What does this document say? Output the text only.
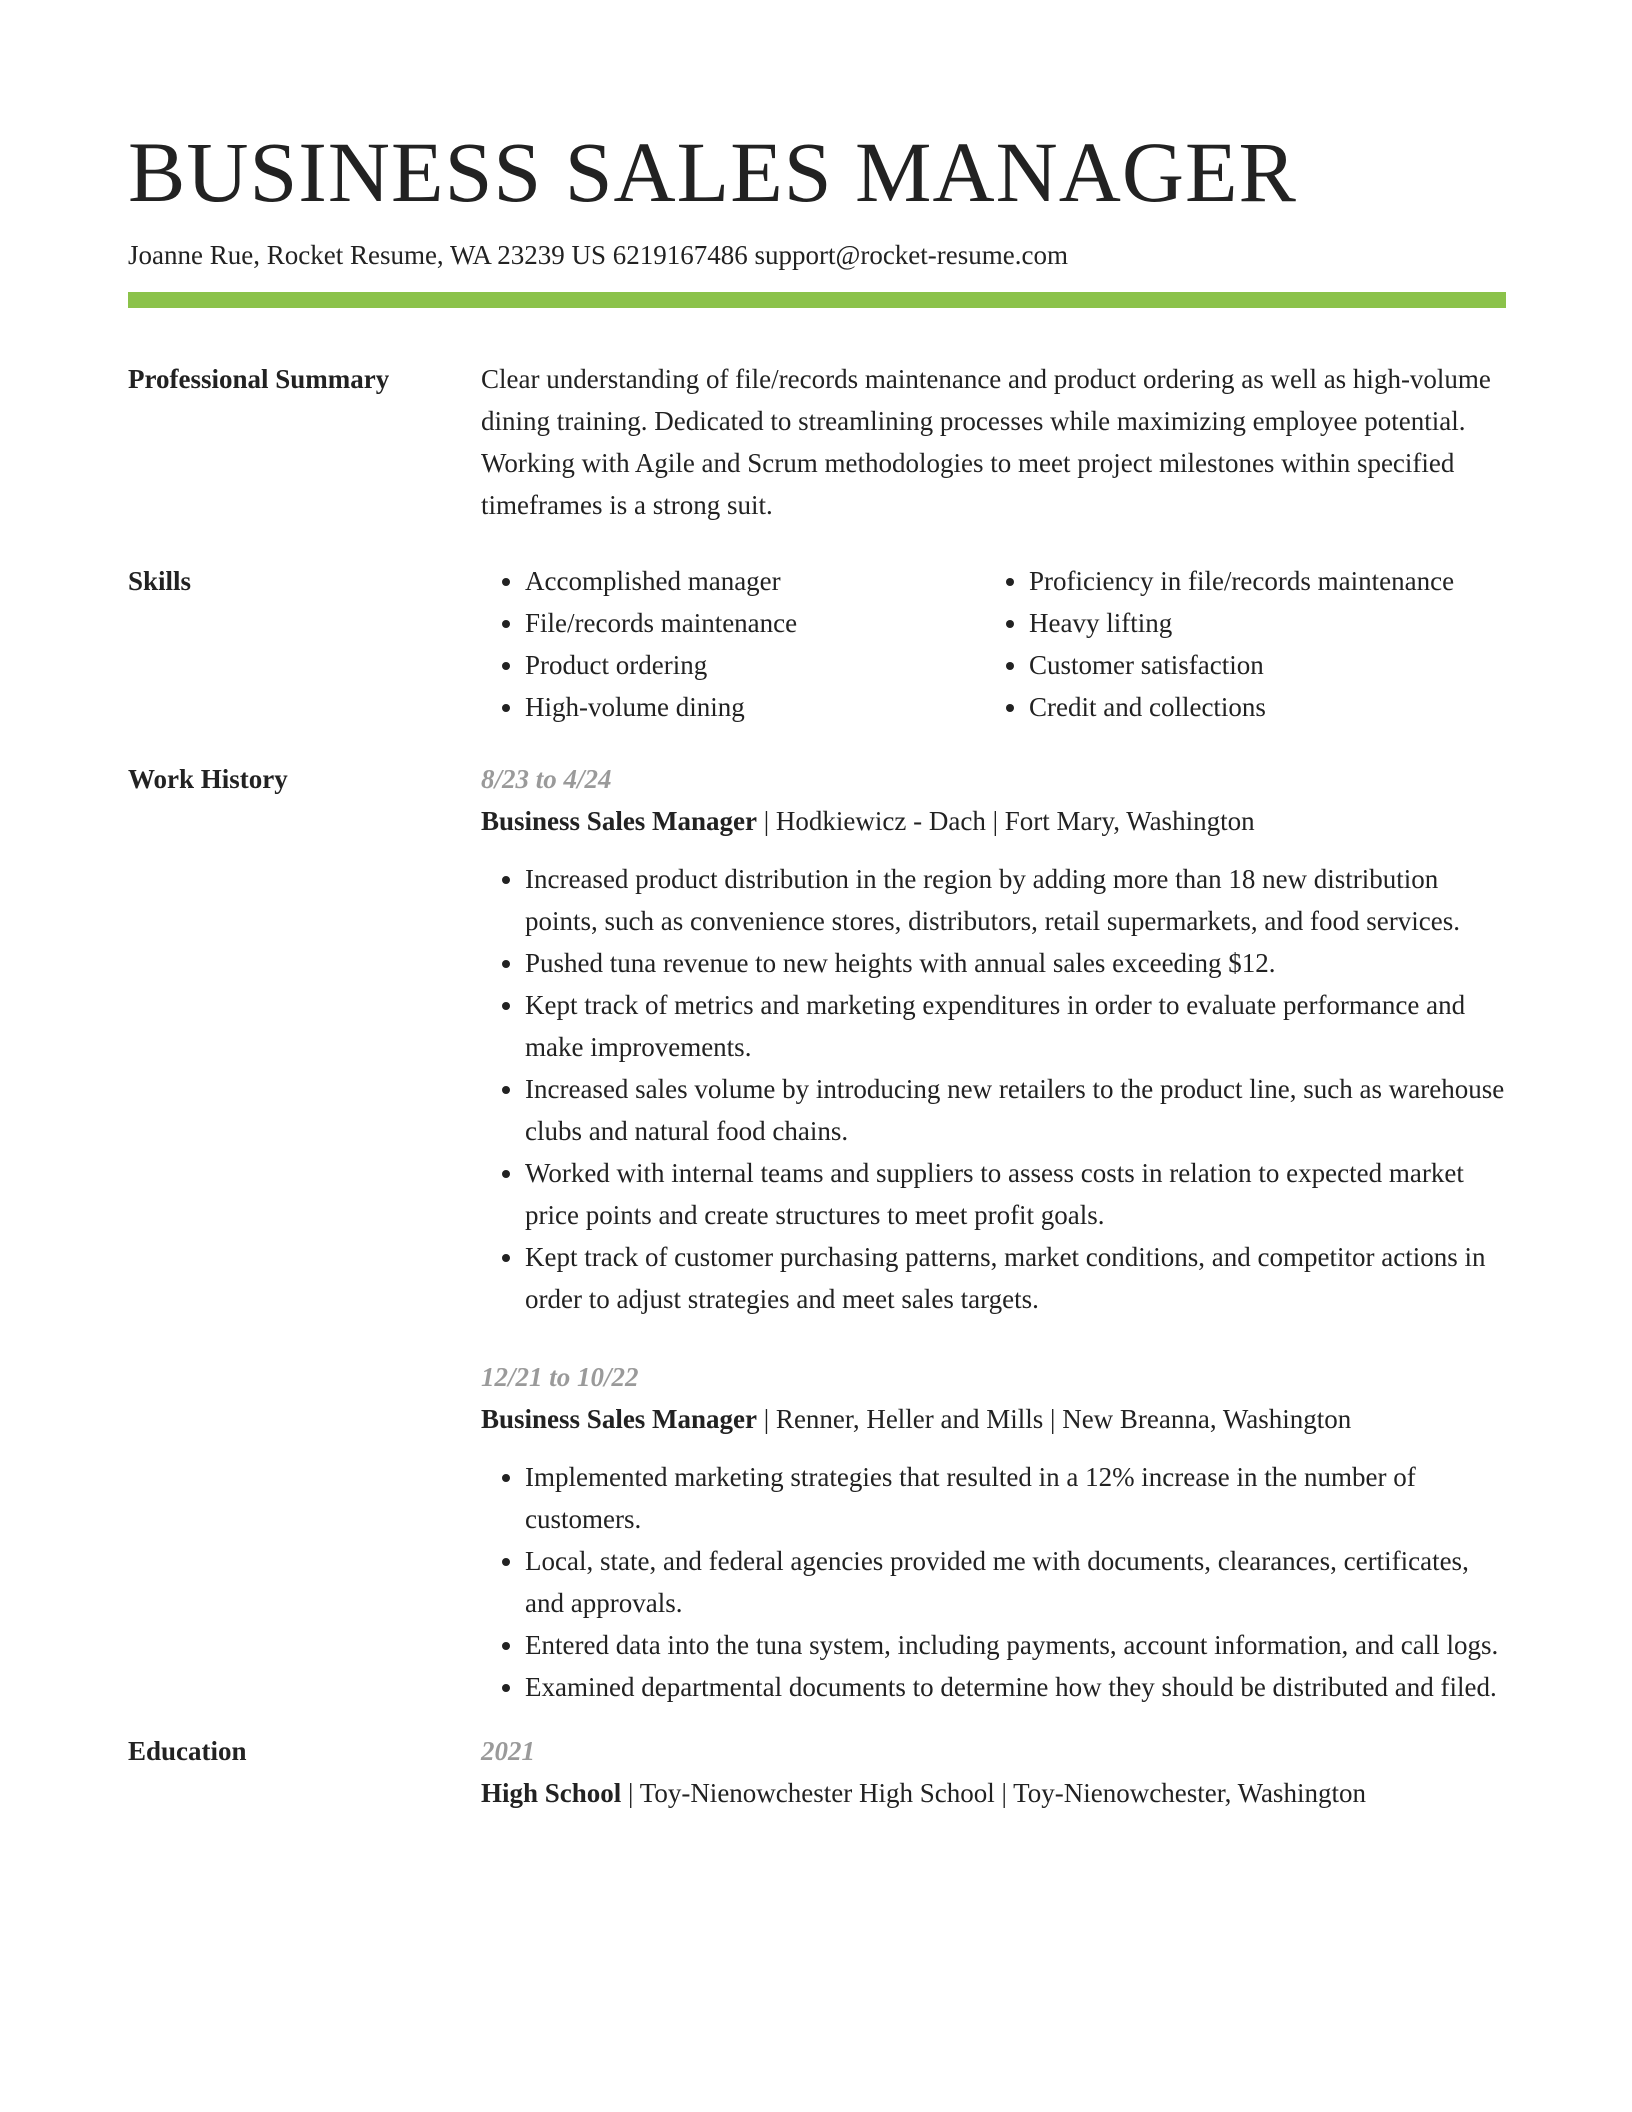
BUSINESS SALES MANAGER
Joanne Rue, Rocket Resume, WA 23239 US 6219167486 support@rocket-resume.com
Professional Summary	Clear understanding of file/records maintenance and product ordering as well as high-volume dining training. Dedicated to streamlining processes while maximizing employee potential. Working with Agile and Scrum methodologies to meet project milestones within specified timeframes is a strong suit.
Skills
•	Accomplished manager
• File/records maintenance
• Product ordering
• High-volume dining
• Proficiency in file/records maintenance
• Heavy lifting
• Customer satisfaction
• Credit and collections
Work History	8/23 to 4/24
Business Sales Manager | Hodkiewicz - Dach | Fort Mary, Washington
• Increased product distribution in the region by adding more than 18 new distribution points, such as convenience stores, distributors, retail supermarkets, and food services.
• Pushed tuna revenue to new heights with annual sales exceeding $12.
• Kept track of metrics and marketing expenditures in order to evaluate performance and make improvements.
• Increased sales volume by introducing new retailers to the product line, such as warehouse clubs and natural food chains.
• Worked with internal teams and suppliers to assess costs in relation to expected market price points and create structures to meet profit goals.
• Kept track of customer purchasing patterns, market conditions, and competitor actions in order to adjust strategies and meet sales targets.
12/21 to 10/22
Business Sales Manager | Renner, Heller and Mills | New Breanna, Washington
• Implemented marketing strategies that resulted in a 12% increase in the number of customers.
• Local, state, and federal agencies provided me with documents, clearances, certificates, and approvals.
• Entered data into the tuna system, including payments, account information, and call logs.
• Examined departmental documents to determine how they should be distributed and filed.
Education	2021
High School | Toy-Nienowchester High School | Toy-Nienowchester, Washington
